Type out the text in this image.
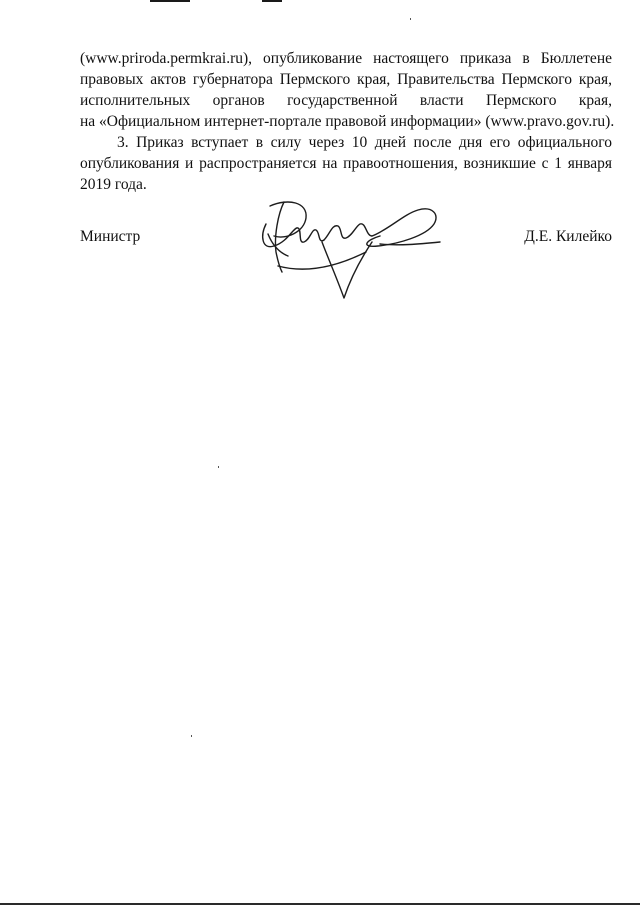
(www.priroda.permkrai.ru), опубликование настоящего приказа в Бюллетене
правовых актов губернатора Пермского края, Правительства Пермского края,
исполнительных органов государственной власти Пермского края,
на «Официальном интернет-портале правовой информации» (www.pravo.gov.ru).
3. Приказ вступает в силу через 10 дней после дня его официального
опубликования и распространяется на правоотношения, возникшие с 1 января
2019 года.
Министр	Д.Е. Килейко
